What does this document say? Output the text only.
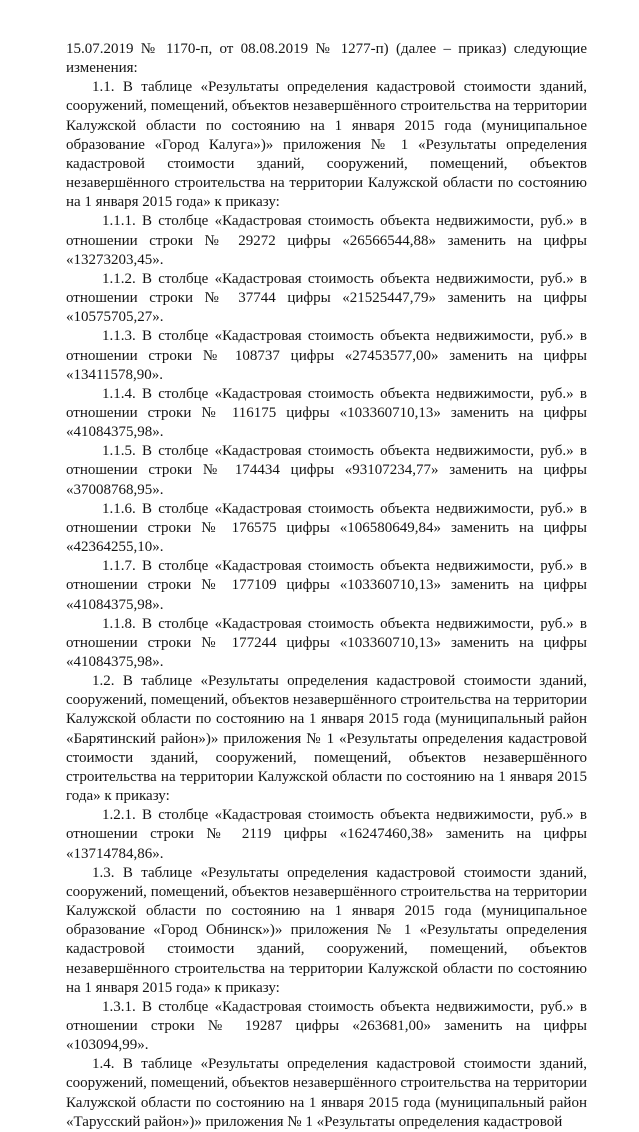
15.07.2019 № 1170-п, от 08.08.2019 № 1277-п) (далее – приказ) следующие изменения:

1.1. В таблице «Результаты определения кадастровой стоимости зданий, сооружений, помещений, объектов незавершённого строительства на территории Калужской области по состоянию на 1 января 2015 года (муниципальное образование «Город Калуга»)» приложения № 1 «Результаты определения кадастровой стоимости зданий, сооружений, помещений, объектов незавершённого строительства на территории Калужской области по состоянию на 1 января 2015 года» к приказу:

1.1.1. В столбце «Кадастровая стоимость объекта недвижимости, руб.» в отношении строки № 29272 цифры «26566544,88» заменить на цифры «13273203,45».

1.1.2. В столбце «Кадастровая стоимость объекта недвижимости, руб.» в отношении строки № 37744 цифры «21525447,79» заменить на цифры «10575705,27».

1.1.3. В столбце «Кадастровая стоимость объекта недвижимости, руб.» в отношении строки № 108737 цифры «27453577,00» заменить на цифры «13411578,90».

1.1.4. В столбце «Кадастровая стоимость объекта недвижимости, руб.» в отношении строки № 116175 цифры «103360710,13» заменить на цифры «41084375,98».

1.1.5. В столбце «Кадастровая стоимость объекта недвижимости, руб.» в отношении строки № 174434 цифры «93107234,77» заменить на цифры «37008768,95».

1.1.6. В столбце «Кадастровая стоимость объекта недвижимости, руб.» в отношении строки № 176575 цифры «106580649,84» заменить на цифры «42364255,10».

1.1.7. В столбце «Кадастровая стоимость объекта недвижимости, руб.» в отношении строки № 177109 цифры «103360710,13» заменить на цифры «41084375,98».

1.1.8. В столбце «Кадастровая стоимость объекта недвижимости, руб.» в отношении строки № 177244 цифры «103360710,13» заменить на цифры «41084375,98».

1.2. В таблице «Результаты определения кадастровой стоимости зданий, сооружений, помещений, объектов незавершённого строительства на территории Калужской области по состоянию на 1 января 2015 года (муниципальный район «Барятинский район»)» приложения № 1 «Результаты определения кадастровой стоимости зданий, сооружений, помещений, объектов незавершённого строительства на территории Калужской области по состоянию на 1 января 2015 года» к приказу:

1.2.1. В столбце «Кадастровая стоимость объекта недвижимости, руб.» в отношении строки № 2119 цифры «16247460,38» заменить на цифры «13714784,86».

1.3. В таблице «Результаты определения кадастровой стоимости зданий, сооружений, помещений, объектов незавершённого строительства на территории Калужской области по состоянию на 1 января 2015 года (муниципальное образование «Город Обнинск»)» приложения № 1 «Результаты определения кадастровой стоимости зданий, сооружений, помещений, объектов незавершённого строительства на территории Калужской области по состоянию на 1 января 2015 года» к приказу:

1.3.1. В столбце «Кадастровая стоимость объекта недвижимости, руб.» в отношении строки № 19287 цифры «263681,00» заменить на цифры «103094,99».

1.4. В таблице «Результаты определения кадастровой стоимости зданий, сооружений, помещений, объектов незавершённого строительства на территории Калужской области по состоянию на 1 января 2015 года (муниципальный район «Тарусский район»)» приложения № 1 «Результаты определения кадастровой
